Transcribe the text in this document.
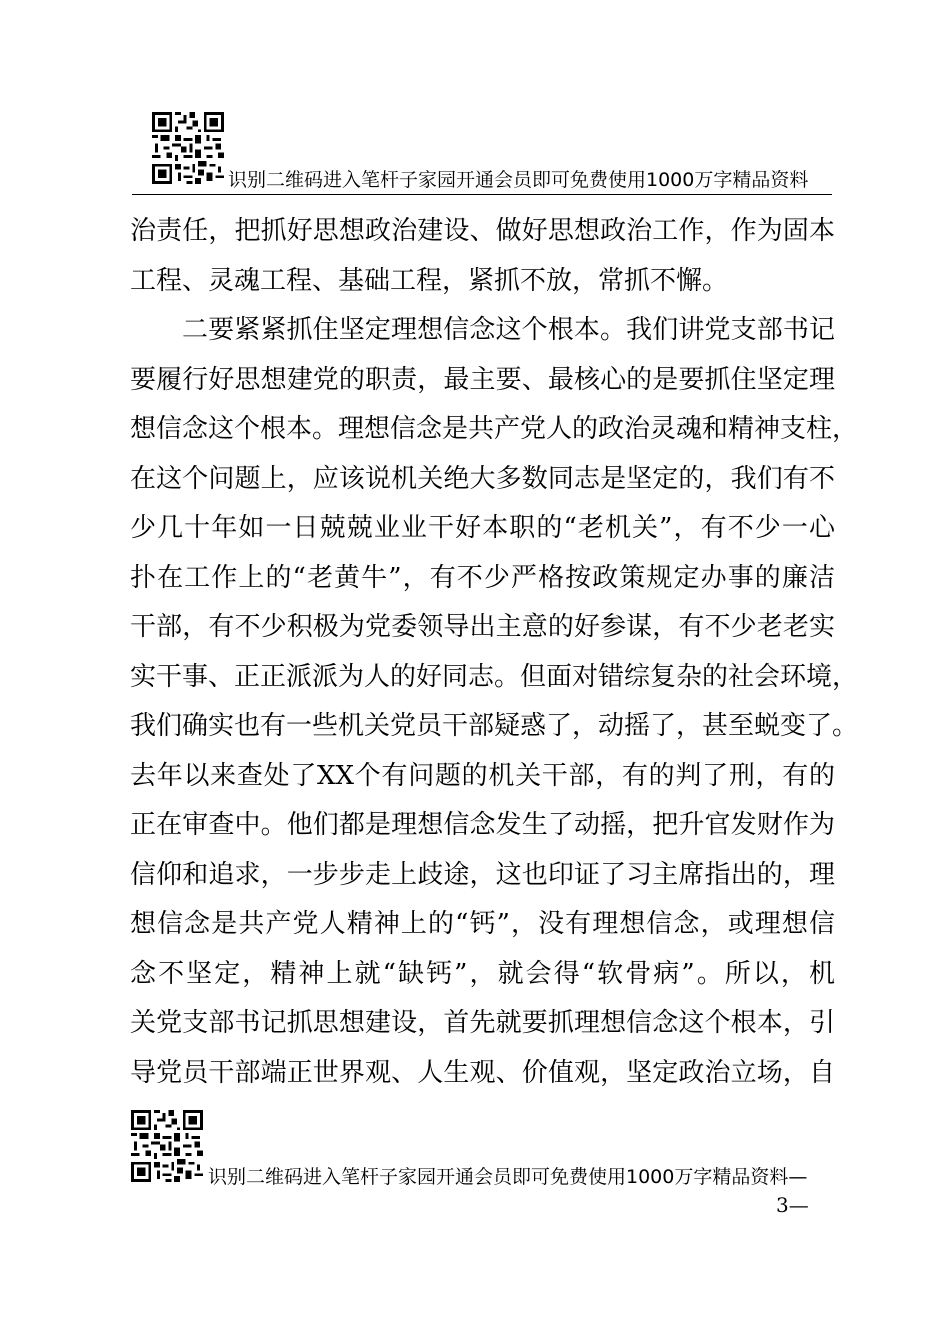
识别二维码进入笔杆子家园开通会员即可免费使用1000万字精品资料
治责任，把抓好思想政治建设、做好思想政治工作，作为固本
工程、灵魂工程、基础工程，紧抓不放，常抓不懈。
二要紧紧抓住坚定理想信念这个根本。我们讲党支部书记
要履行好思想建党的职责，最主要、最核心的是要抓住坚定理
想信念这个根本。理想信念是共产党人的政治灵魂和精神支柱，
在这个问题上，应该说机关绝大多数同志是坚定的，我们有不
少几十年如一日兢兢业业干好本职的“老机关”，有不少一心
扑在工作上的“老黄牛”，有不少严格按政策规定办事的廉洁
干部，有不少积极为党委领导出主意的好参谋，有不少老老实
实干事、正正派派为人的好同志。但面对错综复杂的社会环境，
我们确实也有一些机关党员干部疑惑了，动摇了，甚至蜕变了。
去年以来查处了XX个有问题的机关干部，有的判了刑，有的
正在审查中。他们都是理想信念发生了动摇，把升官发财作为
信仰和追求，一步步走上歧途，这也印证了习主席指出的，理
想信念是共产党人精神上的“钙”，没有理想信念，或理想信
念不坚定，精神上就“缺钙”，就会得“软骨病”。所以，机
关党支部书记抓思想建设，首先就要抓理想信念这个根本，引
导党员干部端正世界观、人生观、价值观，坚定政治立场，自
识别二维码进入笔杆子家园开通会员即可免费使用1000万字精品资料—
3—
